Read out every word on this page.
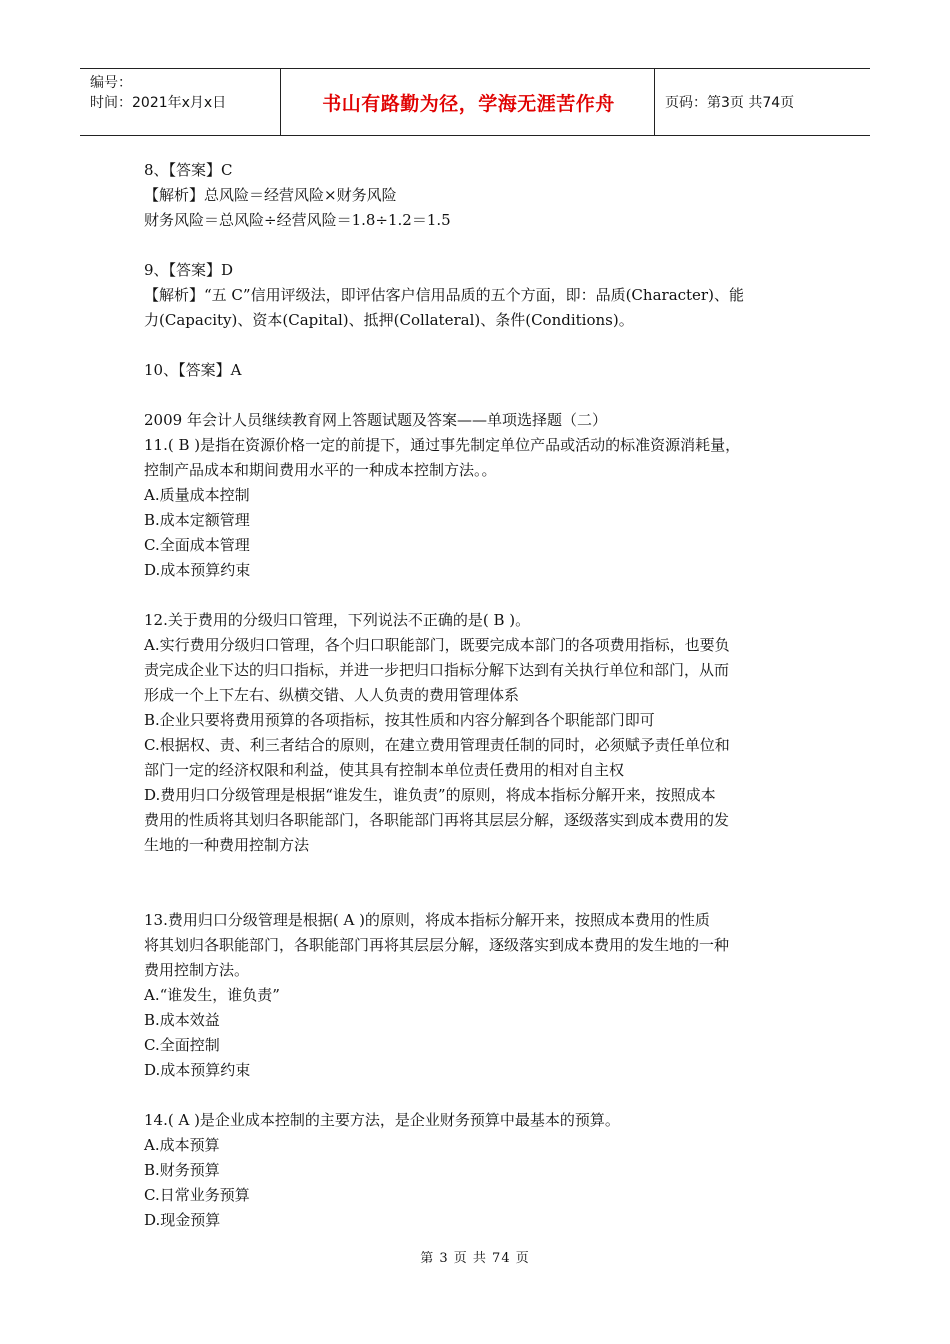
编号：
时间：2021年x月x日	书山有路勤为径，学海无涯苦作舟	页码：第3页 共74页

8、【答案】C

【解析】总风险＝经营风险×财务风险

财务风险＝总风险÷经营风险＝1.8÷1.2＝1.5

9、【答案】D

【解析】“五 C”信用评级法，即评估客户信用品质的五个方面，即：品质(Character)、能

力(Capacity)、资本(Capital)、抵押(Collateral)、条件(Conditions)。

10、【答案】A

2009 年会计人员继续教育网上答题试题及答案——单项选择题（二）

11.( B )是指在资源价格一定的前提下，通过事先制定单位产品或活动的标准资源消耗量，

控制产品成本和期间费用水平的一种成本控制方法。。

A.质量成本控制

B.成本定额管理

C.全面成本管理

D.成本预算约束

12.关于费用的分级归口管理，下列说法不正确的是( B )。

A.实行费用分级归口管理，各个归口职能部门，既要完成本部门的各项费用指标，也要负

责完成企业下达的归口指标，并进一步把归口指标分解下达到有关执行单位和部门，从而

形成一个上下左右、纵横交错、人人负责的费用管理体系

B.企业只要将费用预算的各项指标，按其性质和内容分解到各个职能部门即可

C.根据权、责、利三者结合的原则，在建立费用管理责任制的同时，必须赋予责任单位和

部门一定的经济权限和利益，使其具有控制本单位责任费用的相对自主权

D.费用归口分级管理是根据“谁发生，谁负责”的原则，将成本指标分解开来，按照成本

费用的性质将其划归各职能部门，各职能部门再将其层层分解，逐级落实到成本费用的发

生地的一种费用控制方法

13.费用归口分级管理是根据( A )的原则，将成本指标分解开来，按照成本费用的性质

将其划归各职能部门，各职能部门再将其层层分解，逐级落实到成本费用的发生地的一种

费用控制方法。

A.“谁发生，谁负责”

B.成本效益

C.全面控制

D.成本预算约束

14.( A )是企业成本控制的主要方法，是企业财务预算中最基本的预算。

A.成本预算

B.财务预算

C.日常业务预算

D.现金预算

第 3 页 共 74 页
